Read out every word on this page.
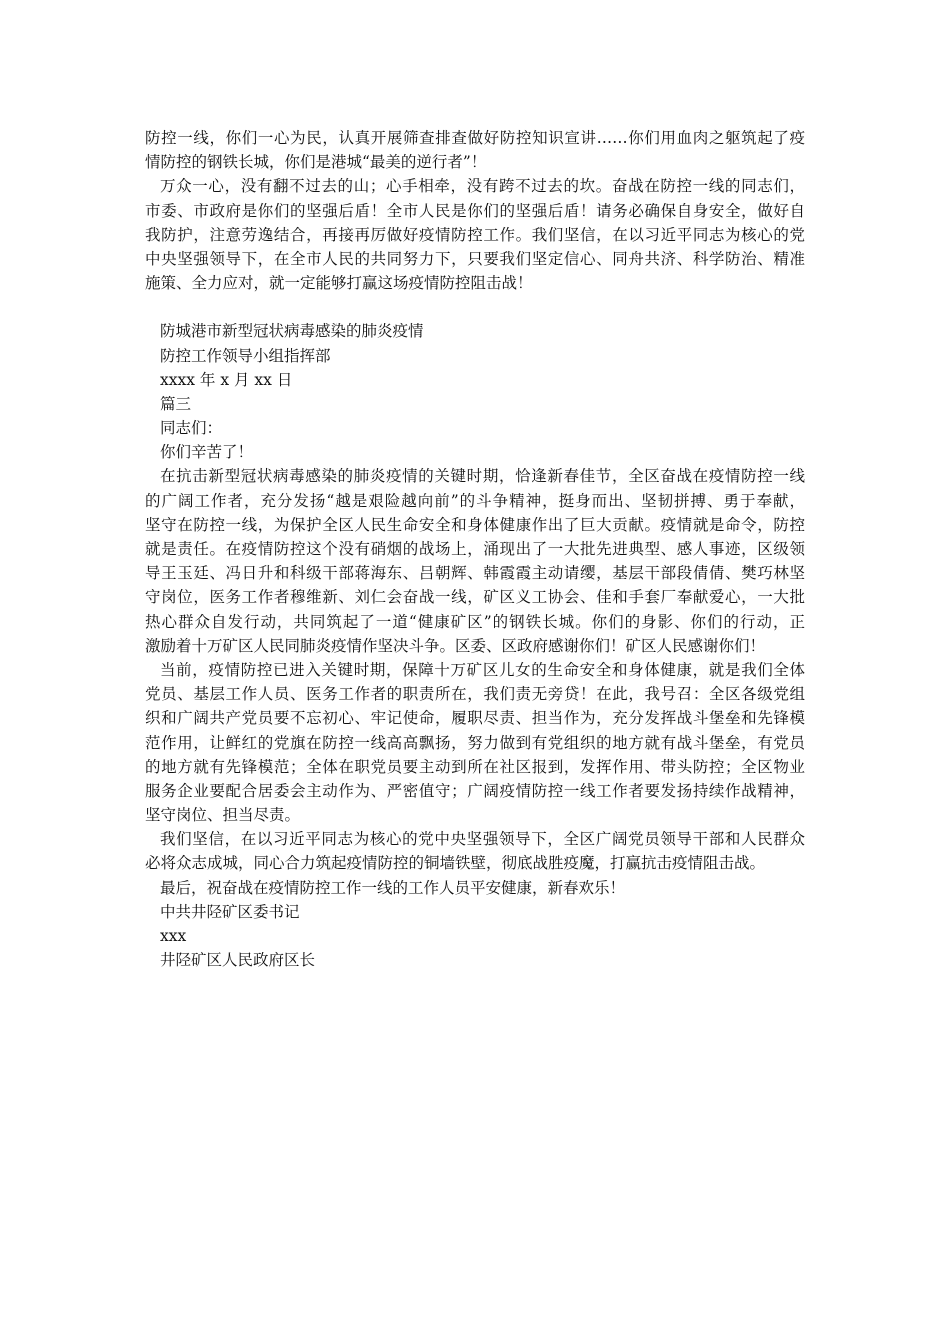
防控一线，你们一心为民，认真开展筛查排查做好防控知识宣讲……你们用血肉之躯筑起了疫
情防控的钢铁长城，你们是港城“最美的逆行者”！
万众一心，没有翻不过去的山；心手相牵，没有跨不过去的坎。奋战在防控一线的同志们，
市委、市政府是你们的坚强后盾！全市人民是你们的坚强后盾！请务必确保自身安全，做好自
我防护，注意劳逸结合，再接再厉做好疫情防控工作。我们坚信，在以习近平同志为核心的党
中央坚强领导下，在全市人民的共同努力下，只要我们坚定信心、同舟共济、科学防治、精准
施策、全力应对，就一定能够打赢这场疫情防控阻击战！
防城港市新型冠状病毒感染的肺炎疫情
防控工作领导小组指挥部
xxxx 年 x 月 xx 日
篇三
同志们：
你们辛苦了！
在抗击新型冠状病毒感染的肺炎疫情的关键时期，恰逢新春佳节，全区奋战在疫情防控一线
的广阔工作者，充分发扬“越是艰险越向前”的斗争精神，挺身而出、坚韧拼搏、勇于奉献，
坚守在防控一线，为保护全区人民生命安全和身体健康作出了巨大贡献。疫情就是命令，防控
就是责任。在疫情防控这个没有硝烟的战场上，涌现出了一大批先进典型、感人事迹，区级领
导王玉廷、冯日升和科级干部蒋海东、吕朝辉、韩霞霞主动请缨，基层干部段倩倩、樊巧林坚
守岗位，医务工作者穆维新、刘仁会奋战一线，矿区义工协会、佳和手套厂奉献爱心，一大批
热心群众自发行动，共同筑起了一道“健康矿区”的钢铁长城。你们的身影、你们的行动，正
激励着十万矿区人民同肺炎疫情作坚决斗争。区委、区政府感谢你们！矿区人民感谢你们！
当前，疫情防控已进入关键时期，保障十万矿区儿女的生命安全和身体健康，就是我们全体
党员、基层工作人员、医务工作者的职责所在，我们责无旁贷！在此，我号召：全区各级党组
织和广阔共产党员要不忘初心、牢记使命，履职尽责、担当作为，充分发挥战斗堡垒和先锋模
范作用，让鲜红的党旗在防控一线高高飘扬，努力做到有党组织的地方就有战斗堡垒，有党员
的地方就有先锋模范；全体在职党员要主动到所在社区报到，发挥作用、带头防控；全区物业
服务企业要配合居委会主动作为、严密值守；广阔疫情防控一线工作者要发扬持续作战精神，
坚守岗位、担当尽责。
我们坚信，在以习近平同志为核心的党中央坚强领导下，全区广阔党员领导干部和人民群众
必将众志成城，同心合力筑起疫情防控的铜墙铁壁，彻底战胜疫魔，打赢抗击疫情阻击战。
最后，祝奋战在疫情防控工作一线的工作人员平安健康，新春欢乐！
中共井陉矿区委书记
xxx
井陉矿区人民政府区长
